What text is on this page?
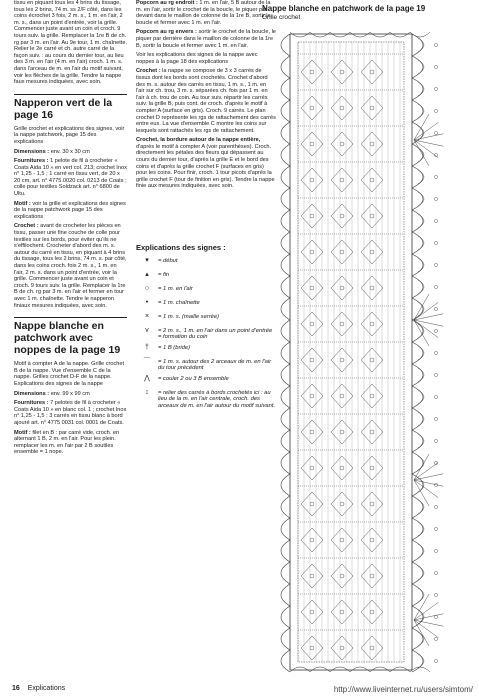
tissu en piquant tous les 4 brins du tissage, tous les 2 brins, 74 m. ss 2/F côté, dans les coins écrochet 3 fois, 2 m. s., 1 m. en l'air, 2 m. s., dans un point d'entrée, voir la grille. Commencer juste avant un coin et croch. 9 tours suiv. la grille. Remplacer la 1re B de ch. rg par 3 m. en l'air. Au 9e tour, 1 m. chaînette. Relier le 2e carré et ch. autre carré de la façon suiv. : au cours du dernier tour, au lieu des 3 m. en l'air (4 m. en l'air) croch. 1 m. s. dans l'arceau de m. en l'air du motif suivant, voir les flèches de la grille. Tendre la nappe faux mesures indiquées, avec soin.

Napperon vert de la page 16

Grille crochet et explications des signes, voir la nappe patchwork, page 15 des explications

Dimensions : env. 30 x 30 cm

Fournitures : 1 pelote de fil à crocheter « Coats Aida 10 » en vert col. 213; crochet Inox n° 1,25 - 1,5 ; 1 carré en tissu vert, de 20 x 20 cm, art. n° 4775.0020 col. 0213 de Coats ; colle pour textiles Soldzack art. n° 6800 de Ultu.

Motif : voir la grille et explications des signes de la nappe patchwork page 15 des explications

Crochet : avant de crocheter les pièces en tissu, passer une fine couche de colle pour textiles sur les bords, pour éviter qu'ils ne s'effilochent. Crocheter d'abord des m. s. autour du carré en tissu, en piquant à 4 brins du tissage, tous les 2 brins, 74 m. s. par côté, dans les coins croch. fois 2 m. s., 1 m. en l'air, 2 m. s. dans un point d'entrée, voir la grille. Commencer juste avant un coin et croch. 9 tours suiv. la grille. Remplacer la 1re B de ch. rg par 3 m. en l'air et fermer en tour avec 1 m. chaînette. Tendre le napperon finiaux mesures indiquées, avec soin.

Nappe blanche en patchwork avec noppes de la page 19

Motif à compter A de la nappe. Grille crochet B de la nappe. Vue d'ensemble C de la nappe. Grilles crochet D-F de la nappe. Explications des signes de la nappe

Dimensions : env. 99 x 99 cm

Fournitures : 7 pelotes de fil à crocheter « Coats Aida 10 » en blanc col. 1 ; crochet Inox n° 1,25 - 1,5 ; 3 carrés en tissu blanc à bord ajouré art. n° 4775 0031 col. 0001 de Coats.

Motif : filet en B : par carré vide, croch. en alternant 1 B, 2 m. en l'air. Pour les plein. remplacer les m. en l'air par 2 B soutiles ensemble = 1 nope.

Popcorn au rg endroit : 1 m. en l'air, 5 B autour de la m. en l'air, sortir le crochet de la boucle, le piquer par devant dans le maillon de colonne de la 1re B, sortir la boucle et fermer avec 1 m. en l'air.

Popcorn au rg envers : sortir le crochet de la boucle, le piquer par derrière dans le maillon de colonne de la 1re B, sortir la boucle et fermer avec 1 m. en l'air.

Voir les explications des signes de la nappe avec noppes à la page 18 des explications

Crochet : la nappe se compose de 3 x 3 carrés de tissus dont les bords sont crochetés. Crochet d'abord des m. s. autour des carrés en tissu, 1 m. s., 1 m. en l'air sur ch. trou, 3 m. s. séparées ch. fois par 1 m. en l'air à ch. trou de coin. Au tour suiv. répartir les carrés suiv. la grille B, puis cont. de croch. d'après le motif à compter A (surface en gris). Croch. 9 carrés. Le plan crochet D représente les rgs de rattachement des carrés entre eux. La vue d'ensemble C montre les coins sur lesquels sont rattachés les rgs de rattachement.

Crochet, la bordure autour de la nappe entière, d'après le motif à compter A (voir parenthèses). Croch. directement les pétales des fleurs qui dépassent au cours du dernier tour, d'après la grille E et le bord des coins et d'après la grille crochet F (surfaces en gris) pour les coins. Pour finir, croch. 1 tour picots d'après la grille crochet F (tour de finition en gris). Tendre la nappe finie aux mesures indiquées, avec soin.

Explications des signes :
▾	= début
▴	= fin
○	= 1 m. en l'air
•	= 1 m. chaînette
×	= 1 m. s. (maille serrée)
⋎	= 2 m. s., 1 m. en l'air dans un point d'entrée = formation du coin
†	= 1 B (bride)
⌒	= 1 m. s. autour des 2 arceaux de m. en l'air du tour précédent
⋀	= couler 2 ou 3 B ensemble
↕	= relier des carrés à bords crochetés ici : au lieu de la m. en l'air centrale, croch. des arceaux de m. en l'air autour du motif suivant.
Nappe blanche en patchwork de la page 19
Grille crochet
16 Explications	http://www.liveinternet.ru/users/simtom/
